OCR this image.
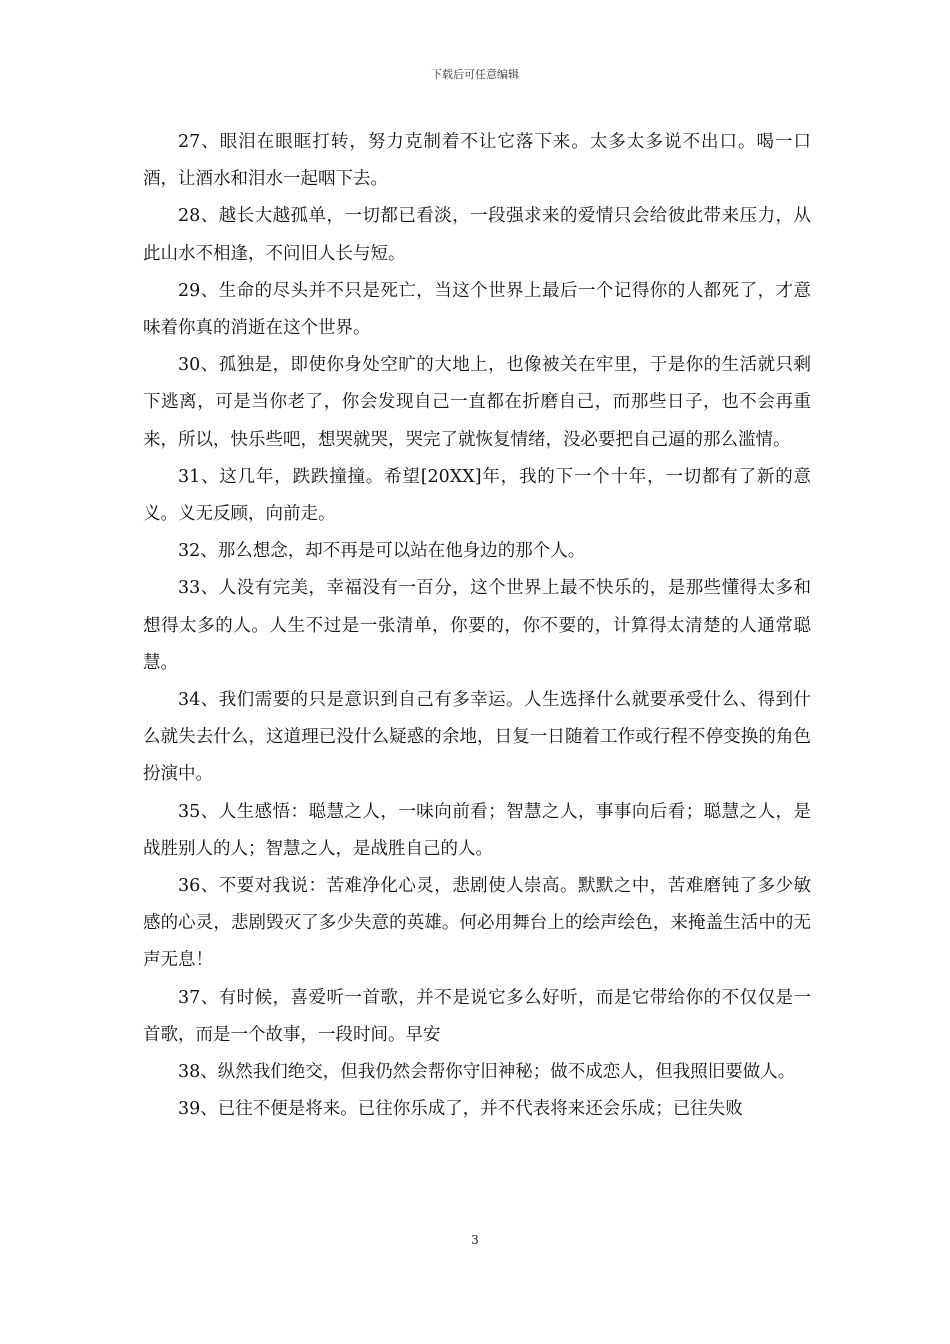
下载后可任意编辑

27、眼泪在眼眶打转，努力克制着不让它落下来。太多太多说不出口。喝一口酒，让酒水和泪水一起咽下去。

28、越长大越孤单，一切都已看淡，一段强求来的爱情只会给彼此带来压力，从此山水不相逢，不问旧人长与短。

29、生命的尽头并不只是死亡，当这个世界上最后一个记得你的人都死了，才意味着你真的消逝在这个世界。

30、孤独是，即使你身处空旷的大地上，也像被关在牢里，于是你的生活就只剩下逃离，可是当你老了，你会发现自己一直都在折磨自己，而那些日子，也不会再重来，所以，快乐些吧，想哭就哭，哭完了就恢复情绪，没必要把自己逼的那么滥情。

31、这几年，跌跌撞撞。希望[20XX]年，我的下一个十年，一切都有了新的意义。义无反顾，向前走。

32、那么想念，却不再是可以站在他身边的那个人。

33、人没有完美，幸福没有一百分，这个世界上最不快乐的，是那些懂得太多和想得太多的人。人生不过是一张清单，你要的，你不要的，计算得太清楚的人通常聪慧。

34、我们需要的只是意识到自己有多幸运。人生选择什么就要承受什么、得到什么就失去什么，这道理已没什么疑惑的余地，日复一日随着工作或行程不停变换的角色扮演中。

35、人生感悟：聪慧之人，一味向前看；智慧之人，事事向后看；聪慧之人，是战胜别人的人；智慧之人，是战胜自己的人。

36、不要对我说：苦难净化心灵，悲剧使人崇高。默默之中，苦难磨钝了多少敏感的心灵，悲剧毁灭了多少失意的英雄。何必用舞台上的绘声绘色，来掩盖生活中的无声无息！

37、有时候，喜爱听一首歌，并不是说它多么好听，而是它带给你的不仅仅是一首歌，而是一个故事，一段时间。早安

38、纵然我们绝交，但我仍然会帮你守旧神秘；做不成恋人，但我照旧要做人。

39、已往不便是将来。已往你乐成了，并不代表将来还会乐成；已往失败

3
